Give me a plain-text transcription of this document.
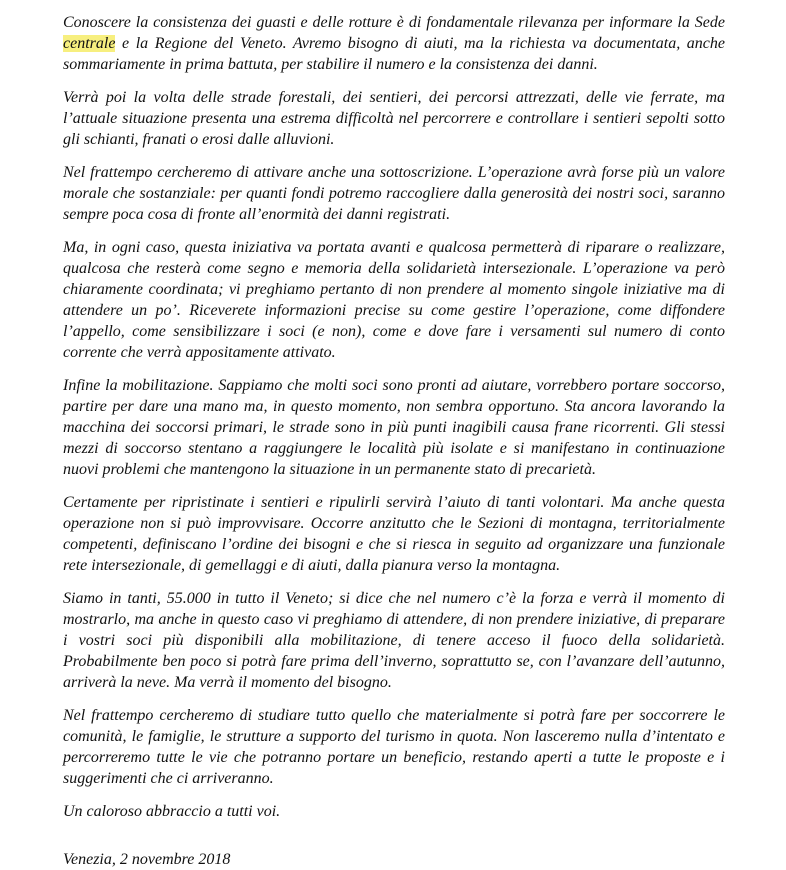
Conoscere la consistenza dei guasti e delle rotture è di fondamentale rilevanza per informare la Sede centrale e la Regione del Veneto. Avremo bisogno di aiuti, ma la richiesta va documentata, anche sommariamente in prima battuta, per stabilire il numero e la consistenza dei danni.

Verrà poi la volta delle strade forestali, dei sentieri, dei percorsi attrezzati, delle vie ferrate, ma l’attuale situazione presenta una estrema difficoltà nel percorrere e controllare i sentieri sepolti sotto gli schianti, franati o erosi dalle alluvioni.

Nel frattempo cercheremo di attivare anche una sottoscrizione. L’operazione avrà forse più un valore morale che sostanziale: per quanti fondi potremo raccogliere dalla generosità dei nostri soci, saranno sempre poca cosa di fronte all’enormità dei danni registrati.

Ma, in ogni caso, questa iniziativa va portata avanti e qualcosa permetterà di riparare o realizzare, qualcosa che resterà come segno e memoria della solidarietà intersezionale. L’operazione va però chiaramente coordinata; vi preghiamo pertanto di non prendere al momento singole iniziative ma di attendere un po’. Riceverete informazioni precise su come gestire l’operazione, come diffondere l’appello, come sensibilizzare i soci (e non), come e dove fare i versamenti sul numero di conto corrente che verrà appositamente attivato.

Infine la mobilitazione. Sappiamo che molti soci sono pronti ad aiutare, vorrebbero portare soccorso, partire per dare una mano ma, in questo momento, non sembra opportuno. Sta ancora lavorando la macchina dei soccorsi primari, le strade sono in più punti inagibili causa frane ricorrenti. Gli stessi mezzi di soccorso stentano a raggiungere le località più isolate e si manifestano in continuazione nuovi problemi che mantengono la situazione in un permanente stato di precarietà.

Certamente per ripristinate i sentieri e ripulirli servirà l’aiuto di tanti volontari. Ma anche questa operazione non si può improvvisare. Occorre anzitutto che le Sezioni di montagna, territorialmente competenti, definiscano l’ordine dei bisogni e che si riesca in seguito ad organizzare una funzionale rete intersezionale, di gemellaggi e di aiuti, dalla pianura verso la montagna.

Siamo in tanti, 55.000 in tutto il Veneto; si dice che nel numero c’è la forza e verrà il momento di mostrarlo, ma anche in questo caso vi preghiamo di attendere, di non prendere iniziative, di preparare i vostri soci più disponibili alla mobilitazione, di tenere acceso il fuoco della solidarietà. Probabilmente ben poco si potrà fare prima dell’inverno, soprattutto se, con l’avanzare dell’autunno, arriverà la neve. Ma verrà il momento del bisogno.

Nel frattempo cercheremo di studiare tutto quello che materialmente si potrà fare per soccorrere le comunità, le famiglie, le strutture a supporto del turismo in quota. Non lasceremo nulla d’intentato e percorreremo tutte le vie che potranno portare un beneficio, restando aperti a tutte le proposte e i suggerimenti che ci arriveranno.

Un caloroso abbraccio a tutti voi.

Venezia, 2 novembre 2018
